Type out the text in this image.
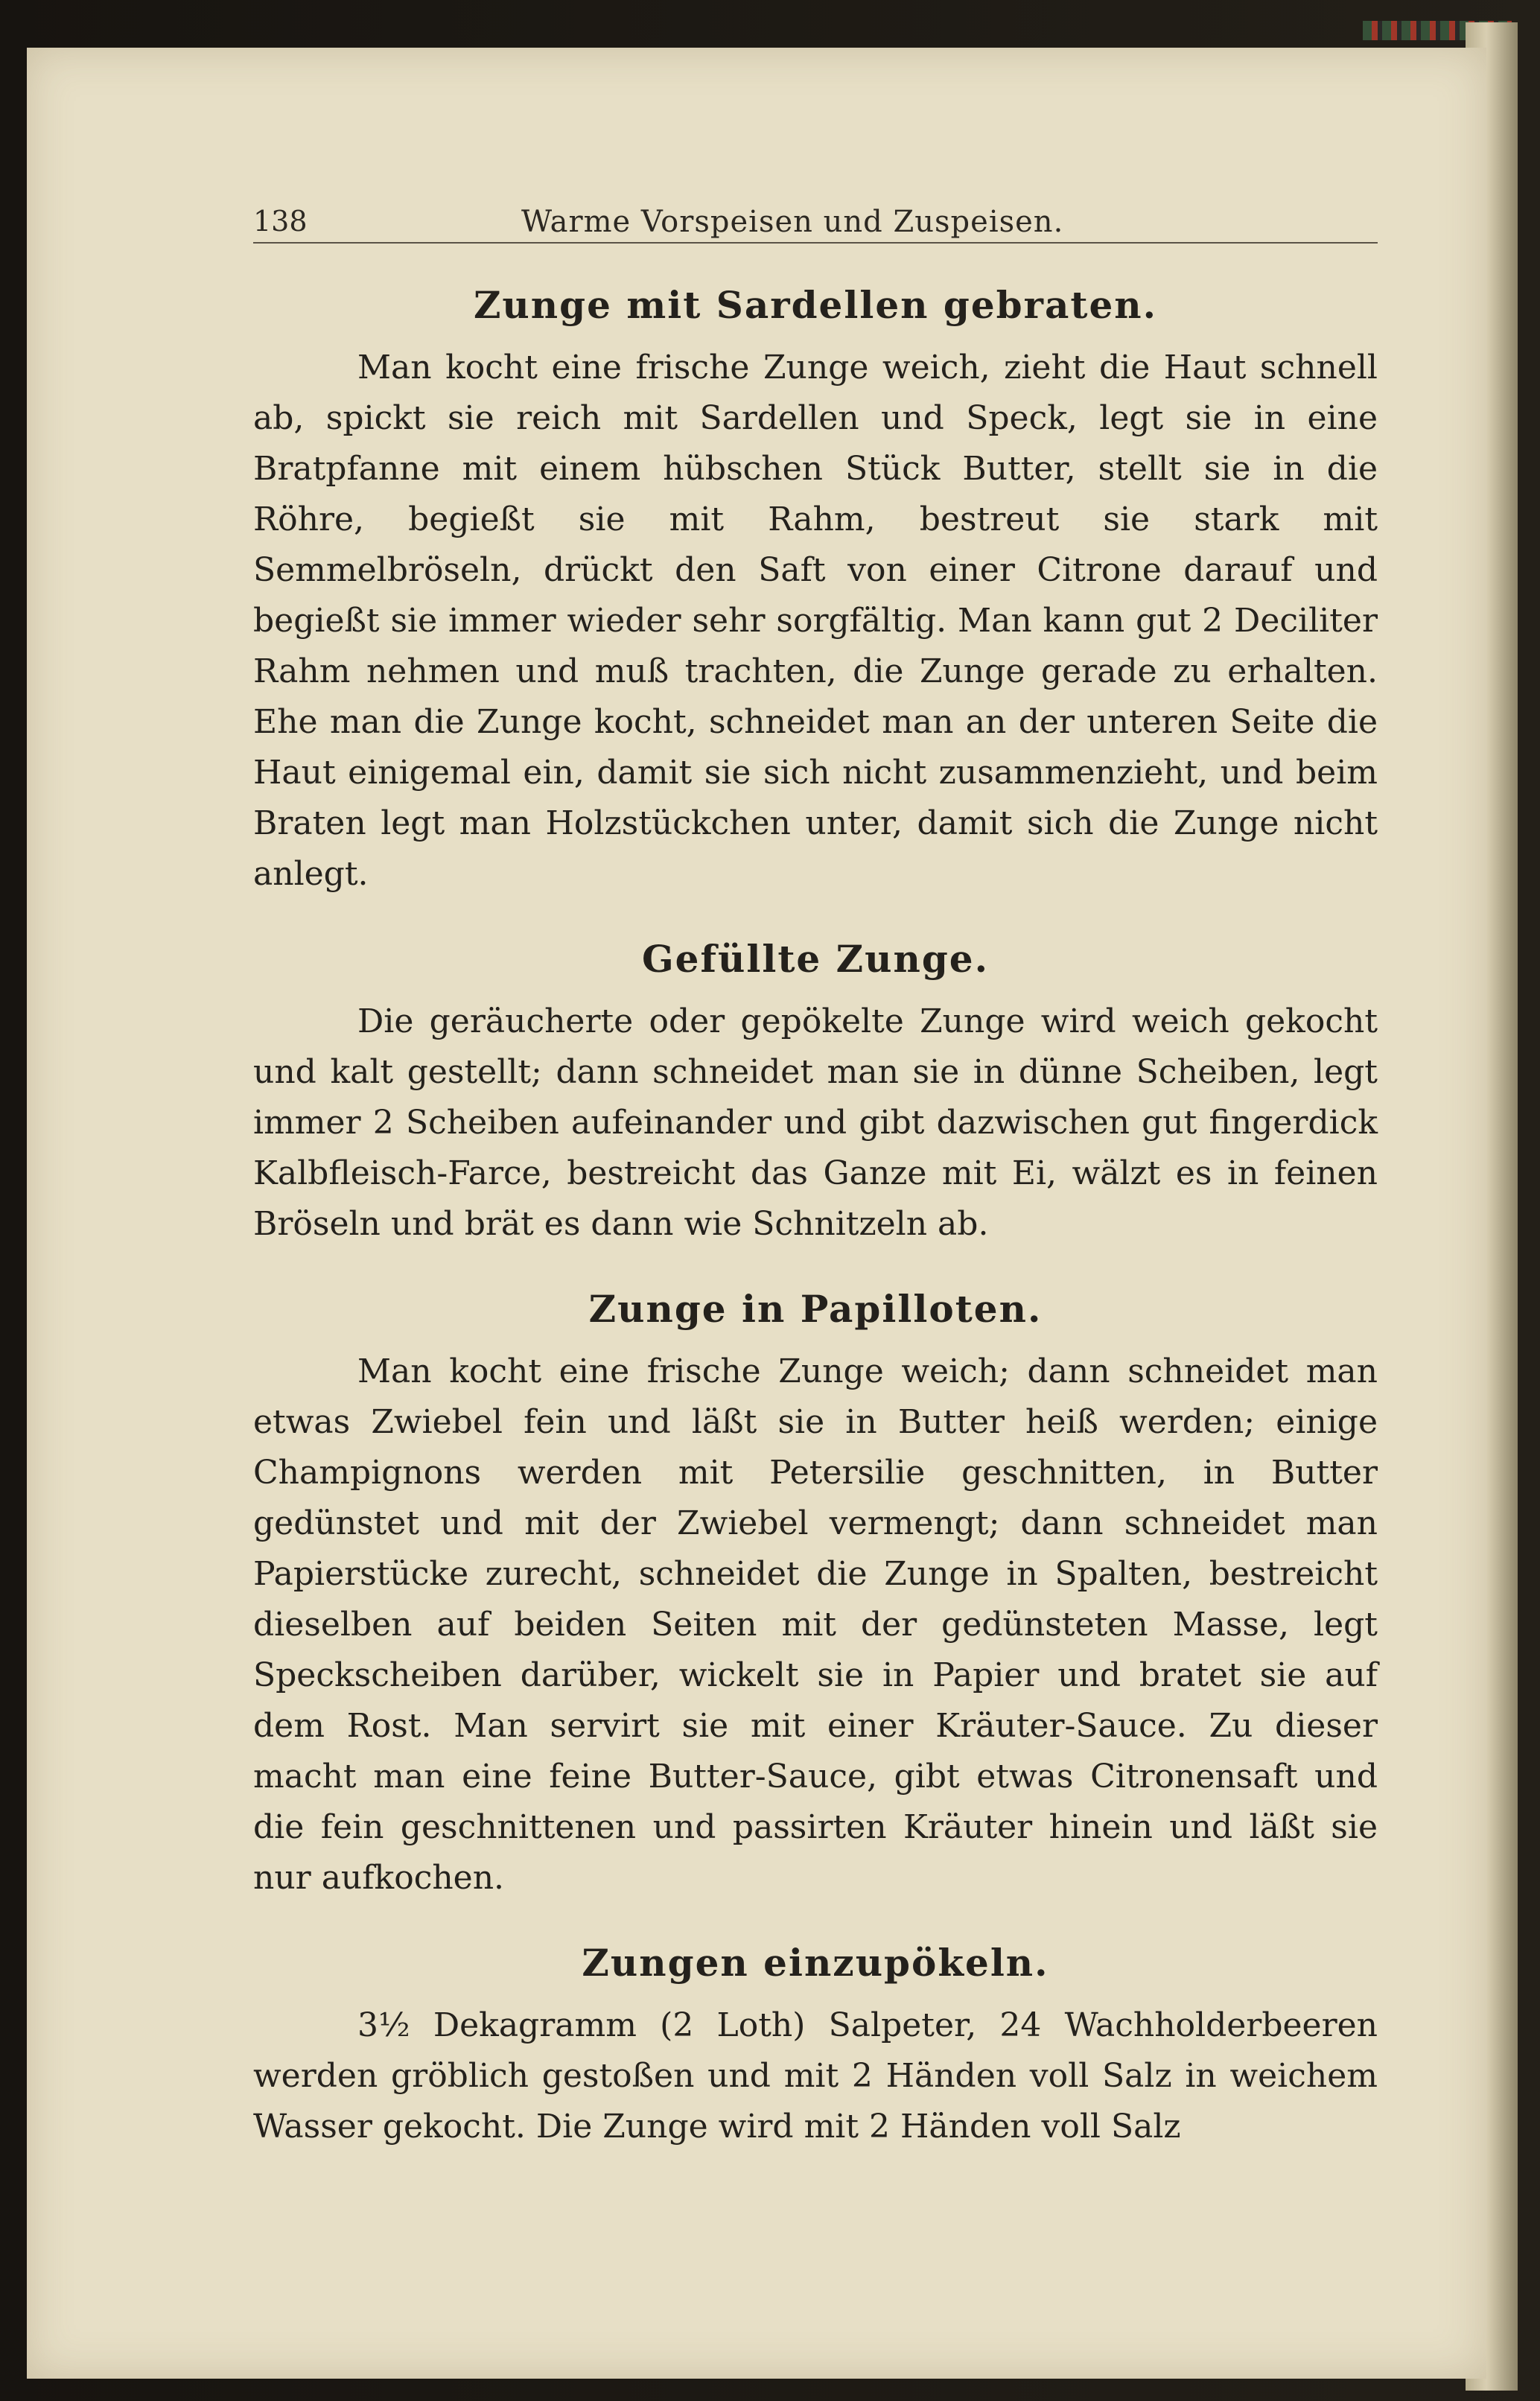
138	Warme Vorspeisen und Zuspeisen.
Zunge mit Sardellen gebraten.

Man kocht eine frische Zunge weich, zieht die Haut schnell ab, spickt sie reich mit Sardellen und Speck, legt sie in eine Bratpfanne mit einem hübschen Stück Butter, stellt sie in die Röhre, begießt sie mit Rahm, bestreut sie stark mit Semmelbröseln, drückt den Saft von einer Citrone darauf und begießt sie immer wieder sehr sorgfältig. Man kann gut 2 Deciliter Rahm nehmen und muß trachten, die Zunge gerade zu erhalten. Ehe man die Zunge kocht, schneidet man an der unteren Seite die Haut einigemal ein, damit sie sich nicht zusammenzieht, und beim Braten legt man Holzstückchen unter, damit sich die Zunge nicht anlegt.

Gefüllte Zunge.

Die geräucherte oder gepökelte Zunge wird weich gekocht und kalt gestellt; dann schneidet man sie in dünne Scheiben, legt immer 2 Scheiben aufeinander und gibt dazwischen gut fingerdick Kalbfleisch-Farce, bestreicht das Ganze mit Ei, wälzt es in feinen Bröseln und brät es dann wie Schnitzeln ab.

Zunge in Papilloten.

Man kocht eine frische Zunge weich; dann schneidet man etwas Zwiebel fein und läßt sie in Butter heiß werden; einige Champignons werden mit Petersilie geschnitten, in Butter gedünstet und mit der Zwiebel vermengt; dann schneidet man Papierstücke zurecht, schneidet die Zunge in Spalten, bestreicht dieselben auf beiden Seiten mit der gedünsteten Masse, legt Speckscheiben darüber, wickelt sie in Papier und bratet sie auf dem Rost. Man servirt sie mit einer Kräuter-Sauce. Zu dieser macht man eine feine Butter-Sauce, gibt etwas Citronensaft und die fein geschnittenen und passirten Kräuter hinein und läßt sie nur aufkochen.

Zungen einzupökeln.

3½ Dekagramm (2 Loth) Salpeter, 24 Wachholderbeeren werden gröblich gestoßen und mit 2 Händen voll Salz in weichem Wasser gekocht. Die Zunge wird mit 2 Händen voll Salz
